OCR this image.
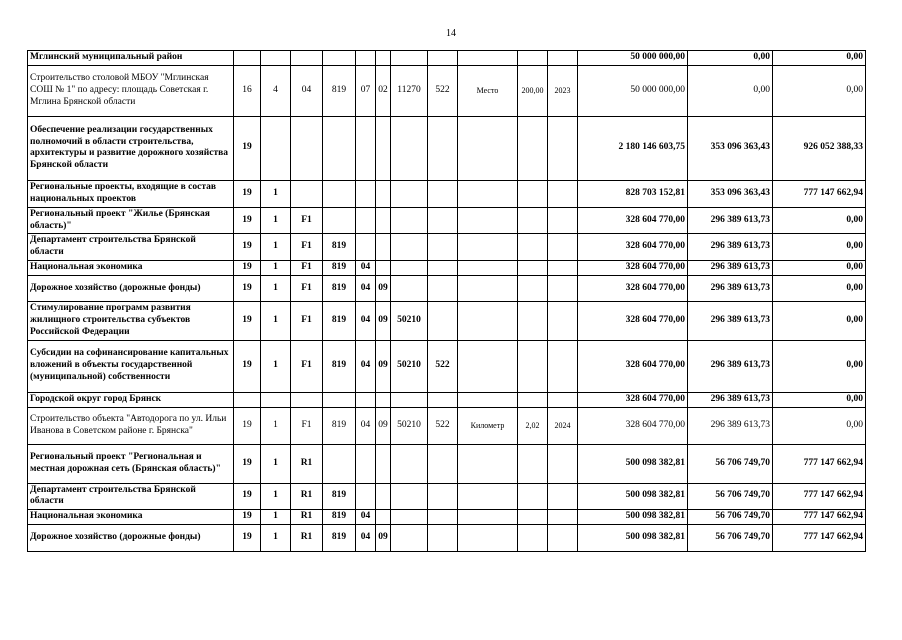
14
Мглинский муниципальный район												50 000 000,00	0,00	0,00
Строительство столовой МБОУ "Мглинская СОШ № 1" по адресу: площадь Советская г. Мглина Брянской области	16	4	04	819	07	02	11270	522	Место	200,00	2023	50 000 000,00	0,00	0,00
Обеспечение реализации государственных полномочий в области строительства, архитектуры и развитие дорожного хозяйства Брянской области	19											2 180 146 603,75	353 096 363,43	926 052 388,33
Региональные проекты, входящие в состав национальных проектов	19	1										828 703 152,81	353 096 363,43	777 147 662,94
Региональный проект "Жилье (Брянская область)"	19	1	F1									328 604 770,00	296 389 613,73	0,00
Департамент строительства Брянской области	19	1	F1	819								328 604 770,00	296 389 613,73	0,00
Национальная экономика	19	1	F1	819	04							328 604 770,00	296 389 613,73	0,00
Дорожное хозяйство (дорожные фонды)	19	1	F1	819	04	09						328 604 770,00	296 389 613,73	0,00
Стимулирование программ развития жилищного строительства субъектов Российской Федерации	19	1	F1	819	04	09	50210					328 604 770,00	296 389 613,73	0,00
Субсидии на софинансирование капитальных вложений в объекты государственной (муниципальной) собственности	19	1	F1	819	04	09	50210	522				328 604 770,00	296 389 613,73	0,00
Городской округ город Брянск												328 604 770,00	296 389 613,73	0,00
Строительство объекта "Автодорога по ул. Ильи Иванова в Советском районе г. Брянска"	19	1	F1	819	04	09	50210	522	Километр	2,02	2024	328 604 770,00	296 389 613,73	0,00
Региональный проект "Региональная и местная дорожная сеть (Брянская область)"	19	1	R1									500 098 382,81	56 706 749,70	777 147 662,94
Департамент строительства Брянской области	19	1	R1	819								500 098 382,81	56 706 749,70	777 147 662,94
Национальная экономика	19	1	R1	819	04							500 098 382,81	56 706 749,70	777 147 662,94
Дорожное хозяйство (дорожные фонды)	19	1	R1	819	04	09						500 098 382,81	56 706 749,70	777 147 662,94
